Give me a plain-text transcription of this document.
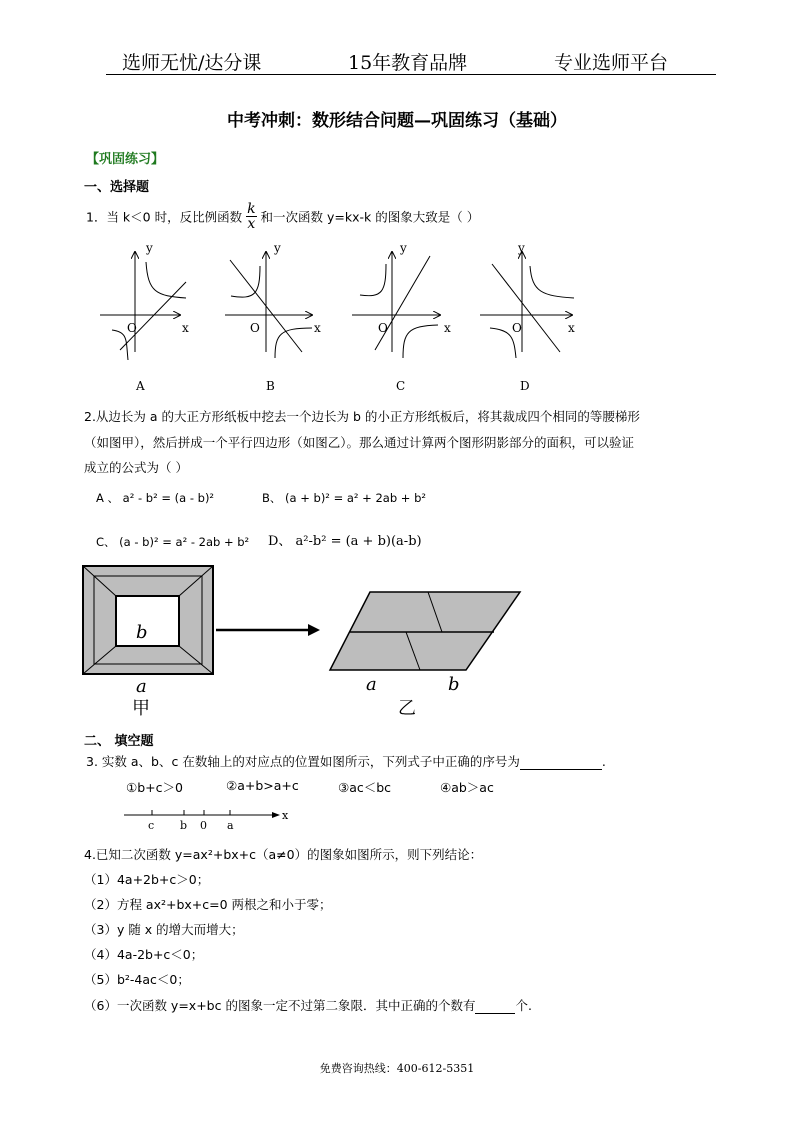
选师无忧/达分课	15年教育品牌	专业选师平台
中考冲刺：数形结合问题—巩固练习（基础）
【巩固练习】
一、选择题
1．当 k＜0 时，反比例函数 $\frac{k}{x}$ 和一次函数 y=kx-k 的图象大致是（ ）
y
x
O
y
x
O
y
x
O
y
x
O
A	B	C	D
2.从边长为 a 的大正方形纸板中挖去一个边长为 b 的小正方形纸板后，将其裁成四个相同的等腰梯形
（如图甲），然后拼成一个平行四边形（如图乙）。那么通过计算两个图形阴影部分的面积，可以验证
成立的公式为（ ）
A 、 a² - b² = (a - b)²	B、 (a + b)² = a² + 2ab + b²
C、 (a - b)² = a² - 2ab + b² D、 a²-b² = (a + b)(a-b)
b
a
甲
a	b
乙
二、 填空题
3. 实数 a、b、c 在数轴上的对应点的位置如图所示，下列式子中正确的序号为	.
①b+c＞0	②a+b>a+c	③ac＜bc	④ab＞ac
c b 0 a
x
4.已知二次函数 y=ax²+bx+c（a≠0）的图象如图所示，则下列结论：
（1）4a+2b+c＞0；
（2）方程 ax²+bx+c=0 两根之和小于零；
（3）y 随 x 的增大而增大；
（4）4a-2b+c＜0；
（5）b²-4ac＜0；
（6）一次函数 y=x+bc 的图象一定不过第二象限．其中正确的个数有	个.
免费咨询热线：400-612-5351
